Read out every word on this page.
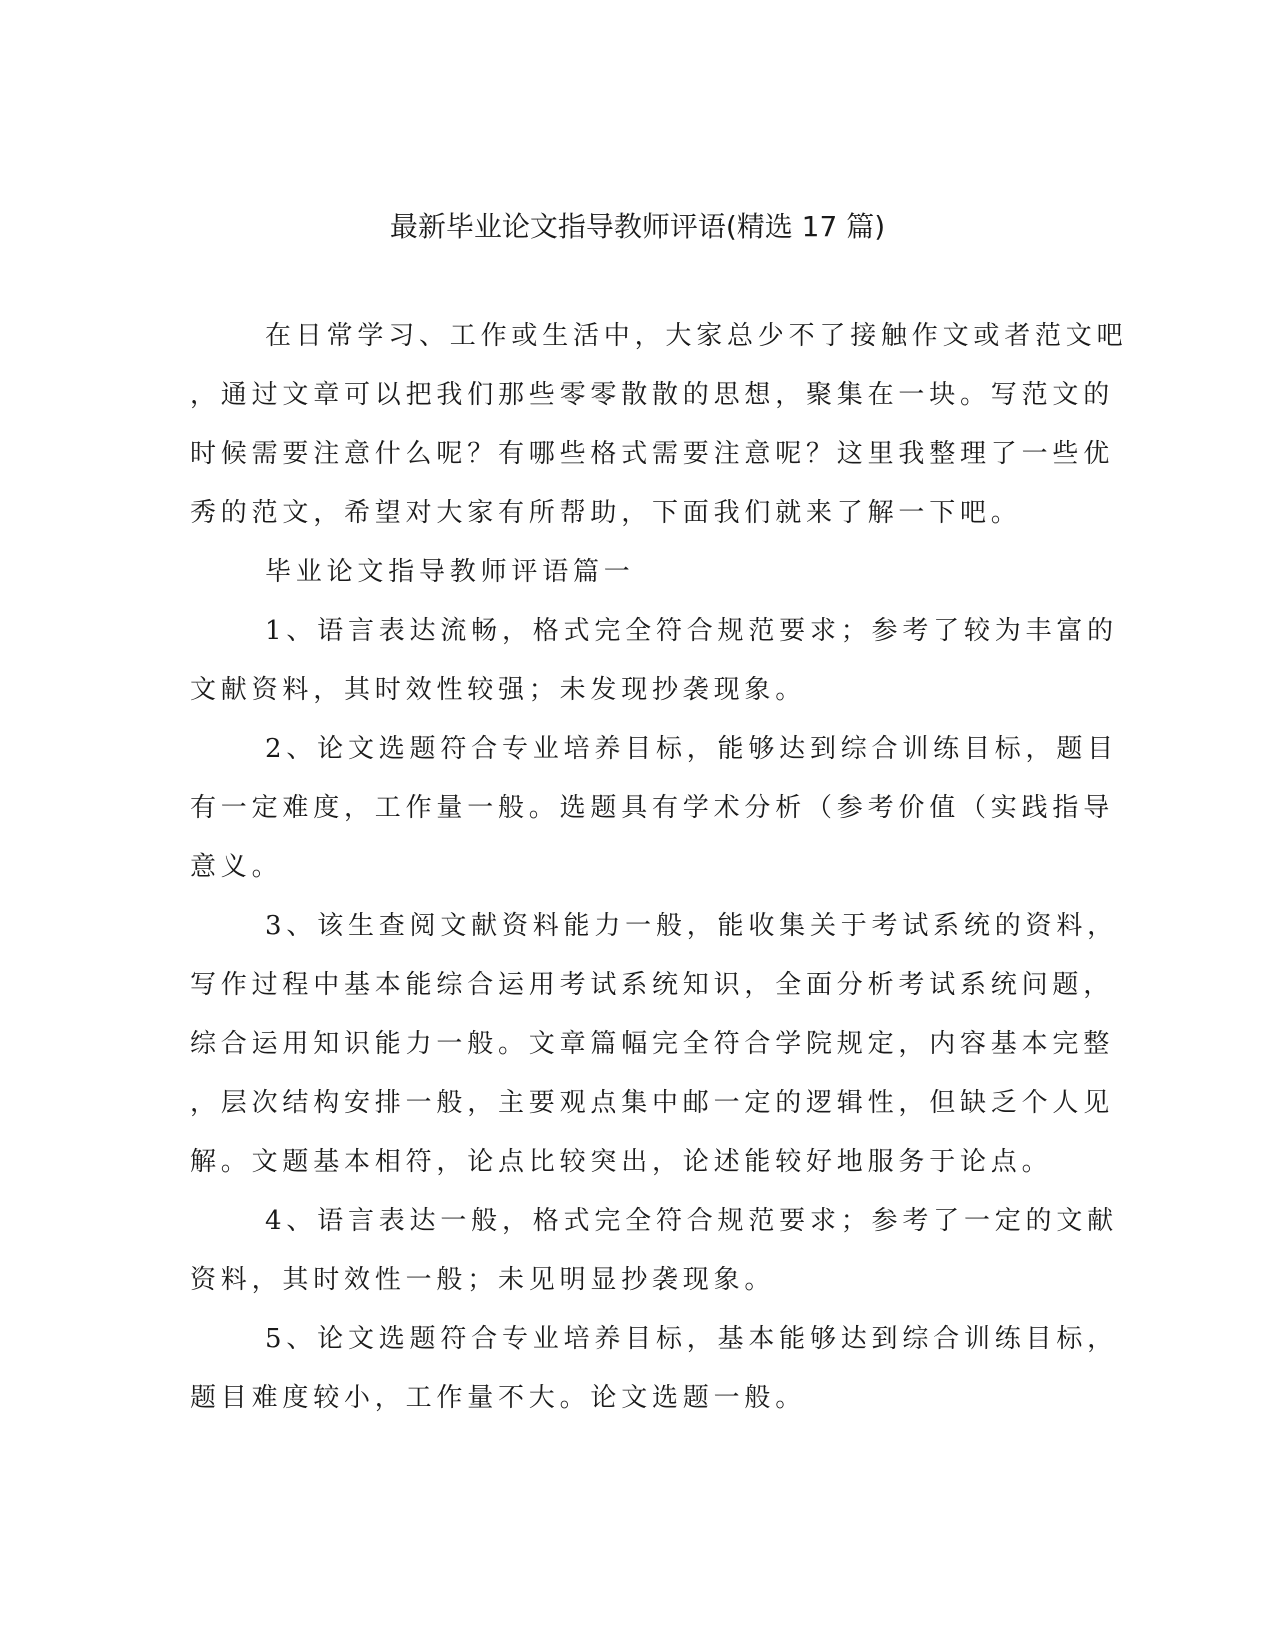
最新毕业论文指导教师评语(精选 17 篇)
在日常学习、工作或生活中，大家总少不了接触作文或者范文吧
，通过文章可以把我们那些零零散散的思想，聚集在一块。写范文的
时候需要注意什么呢？有哪些格式需要注意呢？这里我整理了一些优
秀的范文，希望对大家有所帮助，下面我们就来了解一下吧。
毕业论文指导教师评语篇一
1、语言表达流畅，格式完全符合规范要求；参考了较为丰富的
文献资料，其时效性较强；未发现抄袭现象。
2、论文选题符合专业培养目标，能够达到综合训练目标，题目
有一定难度，工作量一般。选题具有学术分析（参考价值（实践指导
意义。
3、该生查阅文献资料能力一般，能收集关于考试系统的资料，
写作过程中基本能综合运用考试系统知识，全面分析考试系统问题，
综合运用知识能力一般。文章篇幅完全符合学院规定，内容基本完整
，层次结构安排一般，主要观点集中邮一定的逻辑性，但缺乏个人见
解。文题基本相符，论点比较突出，论述能较好地服务于论点。
4、语言表达一般，格式完全符合规范要求；参考了一定的文献
资料，其时效性一般；未见明显抄袭现象。
5、论文选题符合专业培养目标，基本能够达到综合训练目标，
题目难度较小，工作量不大。论文选题一般。
